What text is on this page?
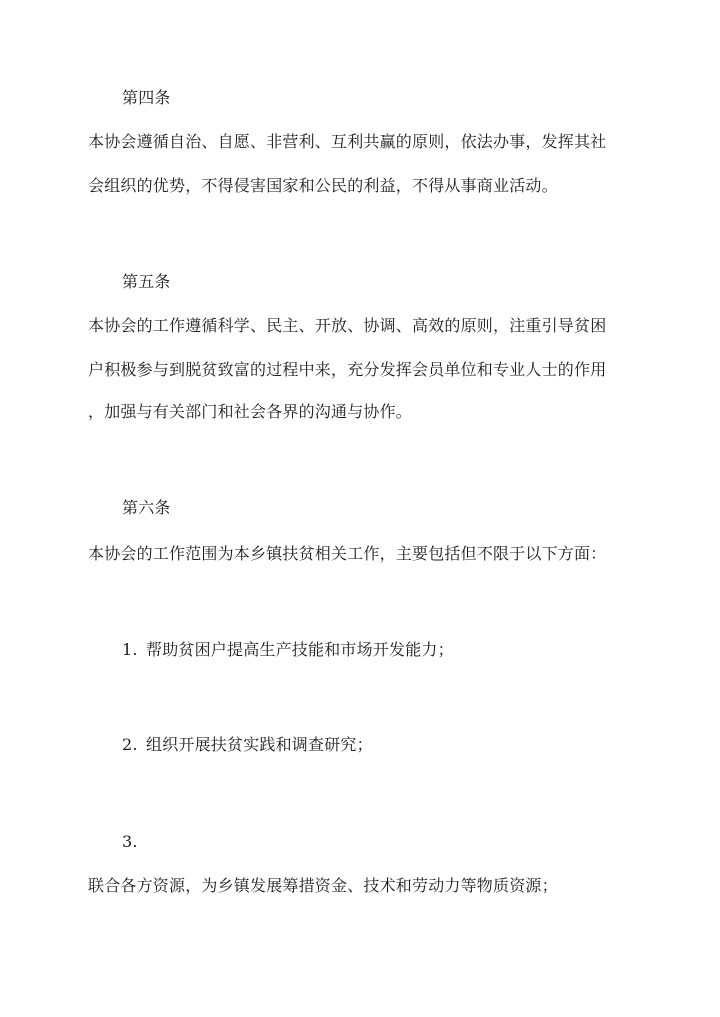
第四条
本协会遵循自治、自愿、非营利、互利共赢的原则，依法办事，发挥其社
会组织的优势，不得侵害国家和公民的利益，不得从事商业活动。
第五条
本协会的工作遵循科学、民主、开放、协调、高效的原则，注重引导贫困
户积极参与到脱贫致富的过程中来，充分发挥会员单位和专业人士的作用
，加强与有关部门和社会各界的沟通与协作。
第六条
本协会的工作范围为本乡镇扶贫相关工作，主要包括但不限于以下方面：
1. 帮助贫困户提高生产技能和市场开发能力；
2. 组织开展扶贫实践和调查研究；
3.
联合各方资源，为乡镇发展筹措资金、技术和劳动力等物质资源；
